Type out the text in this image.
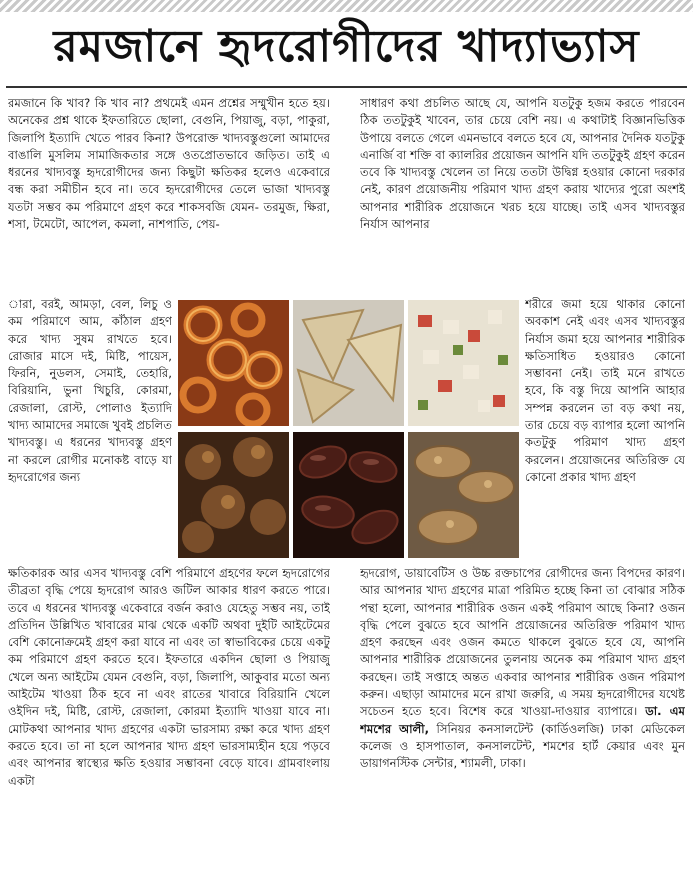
রমজানে হৃদরোগীদের খাদ্যাভ্যাস

রমজানে কি খাব? কি খাব না? প্রথমেই এমন প্রশ্নের সম্মুখীন হতে হয়। অনেকের প্রশ্ন থাকে ইফতারিতে ছোলা, বেগুনি, পিয়াজু, বড়া, পাকুরা, জিলাপি ইত্যাদি খেতে পারব কিনা? উপরোক্ত খাদ্যবস্তুগুলো আমাদের বাঙালি মুসলিম সামাজিকতার সঙ্গে ওতপ্রোতভাবে জড়িত। তাই এ ধরনের খাদ্যবস্তু হৃদরোগীদের জন্য কিছুটা ক্ষতিকর হলেও একেবারে বন্ধ করা সমীচীন হবে না। তবে হৃদরোগীদের তেলে ভাজা খাদ্যবস্তু যতটা সম্ভব কম পরিমাণে গ্রহণ করে শাকসবজি যেমন- তরমুজ, ক্ষিরা, শসা, টমেটো, আপেল, কমলা, নাশপাতি, পেয়-

ারা, বরই, আমড়া, বেল, লিচু ও কম পরিমাণে আম, কাঁঠাল গ্রহণ করে খাদ্য সুষম রাখতে হবে। রোজার মাসে দই, মিষ্টি, পায়েস, ফিরনি, নুডলস, সেমাই, তেহারি, বিরিয়ানি, ভুনা খিচুরি, কোরমা, রেজালা, রোস্ট, পোলাও ইত্যাদি খাদ্য আমাদের সমাজে খুবই প্রচলিত খাদ্যবস্তু। এ ধরনের খাদ্যবস্তু গ্রহণ না করলে রোগীর মনোকষ্ট বাড়ে যা হৃদরোগের জন্য

ক্ষতিকারক আর এসব খাদ্যবস্তু বেশি পরিমাণে গ্রহণের ফলে হৃদরোগের তীব্রতা বৃদ্ধি পেয়ে হৃদরোগ আরও জটিল আকার ধারণ করতে পারে। তবে এ ধরনের খাদ্যবস্তু একেবারে বর্জন করাও যেহেতু সম্ভব নয়, তাই প্রতিদিন উল্লিখিত খাবারের মাঝ থেকে একটি অথবা দুইটি আইটেমের বেশি কোনোক্রমেই গ্রহণ করা যাবে না এবং তা স্বাভাবিকের চেয়ে একটু কম পরিমাণে গ্রহণ করতে হবে। ইফতারে একদিন ছোলা ও পিয়াজু খেলে অন্য আইটেম যেমন বেগুনি, বড়া, জিলাপি, আকুবার মতো অন্য আইটেম খাওয়া ঠিক হবে না এবং রাতের খাবারে বিরিয়ানি খেলে ওইদিন দই, মিষ্টি, রোস্ট, রেজালা, কোরমা ইত্যাদি খাওয়া যাবে না। মোটকথা আপনার খাদ্য গ্রহণের একটা ভারসাম্য রক্ষা করে খাদ্য গ্রহণ করতে হবে। তা না হলে আপনার খাদ্য গ্রহণ ভারসাম্যহীন হয়ে পড়বে এবং আপনার স্বাস্থ্যের ক্ষতি হওয়ার সম্ভাবনা বেড়ে যাবে। গ্রামবাংলায় একটা

সাধারণ কথা প্রচলিত আছে যে, আপনি যতটুকু হজম করতে পারবেন ঠিক ততটুকুই খাবেন, তার চেয়ে বেশি নয়। এ কথাটাই বিজ্ঞানভিত্তিক উপায়ে বলতে গেলে এমনভাবে বলতে হবে যে, আপনার দৈনিক যতটুকু এনার্জি বা শক্তি বা ক্যালরির প্রয়োজন আপনি যদি ততটুকুই গ্রহণ করেন তবে কি খাদ্যবস্তু খেলেন তা নিয়ে ততটা উদ্বিগ্ন হওয়ার কোনো দরকার নেই, কারণ প্রয়োজনীয় পরিমাণ খাদ্য গ্রহণ করায় খাদ্যের পুরো অংশই আপনার শারীরিক প্রয়োজনে খরচ হয়ে যাচ্ছে। তাই এসব খাদ্যবস্তুর নির্যাস আপনার

শরীরে জমা হয়ে থাকার কোনো অবকাশ নেই এবং এসব খাদ্যবস্তুর নির্যাস জমা হয়ে আপনার শারীরিক ক্ষতিসাধিত হওয়ারও কোনো সম্ভাবনা নেই। তাই মনে রাখতে হবে, কি বস্তু দিয়ে আপনি আহার সম্পন্ন করলেন তা বড় কথা নয়, তার চেয়ে বড় ব্যাপার হলো আপনি কতটুকু পরিমাণ খাদ্য গ্রহণ করলেন। প্রয়োজনের অতিরিক্ত যে কোনো প্রকার খাদ্য গ্রহণ

হৃদরোগ, ডায়াবেটিস ও উচ্চ রক্তচাপের রোগীদের জন্য বিপদের কারণ। আর আপনার খাদ্য গ্রহণের মাত্রা পরিমিত হচ্ছে কিনা তা বোঝার সঠিক পন্থা হলো, আপনার শারীরিক ওজন একই পরিমাণ আছে কিনা? ওজন বৃদ্ধি পেলে বুঝতে হবে আপনি প্রয়োজনের অতিরিক্ত পরিমাণ খাদ্য গ্রহণ করছেন এবং ওজন কমতে থাকলে বুঝতে হবে যে, আপনি আপনার শারীরিক প্রয়োজনের তুলনায় অনেক কম পরিমাণ খাদ্য গ্রহণ করছেন। তাই সপ্তাহে অন্তত একবার আপনার শারীরিক ওজন পরিমাপ করুন। এছাড়া আমাদের মনে রাখা জরুরি, এ সময় হৃদরোগীদের যথেষ্ট সচেতন হতে হবে। বিশেষ করে খাওয়া-দাওয়ার ব্যাপারে। ডা. এম শমশের আলী, সিনিয়র কনসালটেন্ট (কার্ডিওলজি) ঢাকা মেডিকেল কলেজ ও হাসপাতাল, কনসালটেন্ট, শমশের হার্ট কেয়ার এবং মুন ডায়াগনস্টিক সেন্টার, শ্যামলী, ঢাকা।
